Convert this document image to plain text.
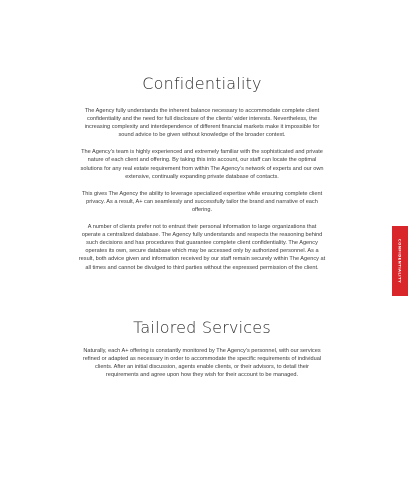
Confidentiality

The Agency fully understands the inherent balance necessary to accommodate complete client confidentiality and the need for full disclosure of the clients’ wider interests. Nevertheless, the increasing complexity and interdependence of different financial markets make it impossible for sound advice to be given without knowledge of the broader context.

The Agency’s team is highly experienced and extremely familiar with the sophisticated and private nature of each client and offering. By taking this into account, our staff can locate the optimal solutions for any real estate requirement from within The Agency’s network of experts and our own extensive, continually expanding private database of contacts.

This gives The Agency the ability to leverage specialized expertise while ensuring complete client privacy. As a result, A+ can seamlessly and successfully tailor the brand and narrative of each offering.

A number of clients prefer not to entrust their personal information to large organizations that operate a centralized database. The Agency fully understands and respects the reasoning behind such decisions and has procedures that guarantee complete client confidentiality. The Agency operates its own, secure database which may be accessed only by authorized personnel. As a result, both advice given and information received by our staff remain securely within The Agency at all times and cannot be divulged to third parties without the expressed permission of the client.

Tailored Services

Naturally, each A+ offering is constantly monitored by The Agency’s personnel, with our services refined or adapted as necessary in order to accommodate the specific requirements of individual clients. After an initial discussion, agents enable clients, or their advisors, to detail their requirements and agree upon how they wish for their account to be managed.

CONFIDENTIALITY
